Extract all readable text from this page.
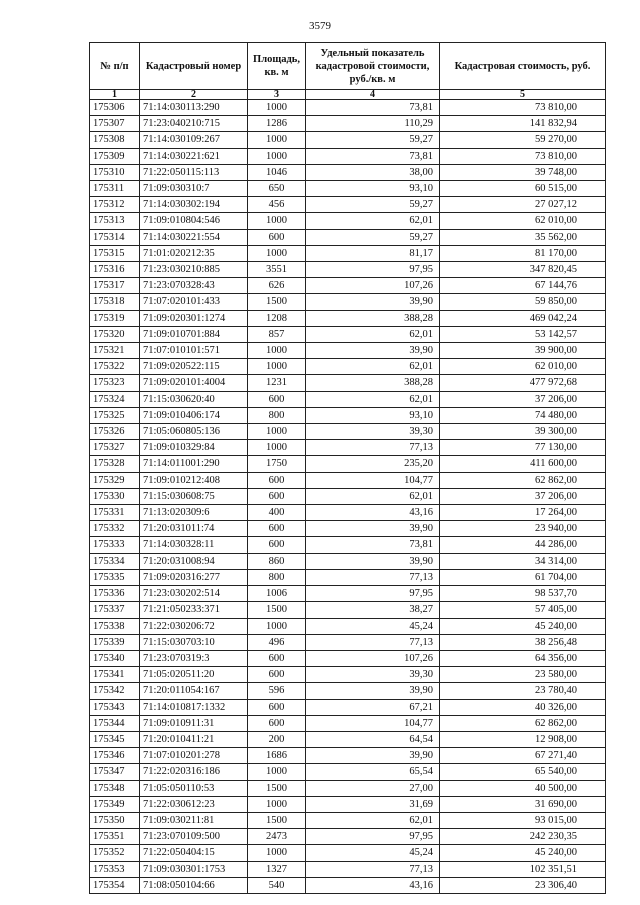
3579
№ п/п	Кадастровый номер	Площадь, кв. м	Удельный показатель кадастровой стоимости, руб./кв. м	Кадастровая стоимость, руб.
1	2	3	4	5
175306	71:14:030113:290	1000	73,81	73 810,00
175307	71:23:040210:715	1286	110,29	141 832,94
175308	71:14:030109:267	1000	59,27	59 270,00
175309	71:14:030221:621	1000	73,81	73 810,00
175310	71:22:050115:113	1046	38,00	39 748,00
175311	71:09:030310:7	650	93,10	60 515,00
175312	71:14:030302:194	456	59,27	27 027,12
175313	71:09:010804:546	1000	62,01	62 010,00
175314	71:14:030221:554	600	59,27	35 562,00
175315	71:01:020212:35	1000	81,17	81 170,00
175316	71:23:030210:885	3551	97,95	347 820,45
175317	71:23:070328:43	626	107,26	67 144,76
175318	71:07:020101:433	1500	39,90	59 850,00
175319	71:09:020301:1274	1208	388,28	469 042,24
175320	71:09:010701:884	857	62,01	53 142,57
175321	71:07:010101:571	1000	39,90	39 900,00
175322	71:09:020522:115	1000	62,01	62 010,00
175323	71:09:020101:4004	1231	388,28	477 972,68
175324	71:15:030620:40	600	62,01	37 206,00
175325	71:09:010406:174	800	93,10	74 480,00
175326	71:05:060805:136	1000	39,30	39 300,00
175327	71:09:010329:84	1000	77,13	77 130,00
175328	71:14:011001:290	1750	235,20	411 600,00
175329	71:09:010212:408	600	104,77	62 862,00
175330	71:15:030608:75	600	62,01	37 206,00
175331	71:13:020309:6	400	43,16	17 264,00
175332	71:20:031011:74	600	39,90	23 940,00
175333	71:14:030328:11	600	73,81	44 286,00
175334	71:20:031008:94	860	39,90	34 314,00
175335	71:09:020316:277	800	77,13	61 704,00
175336	71:23:030202:514	1006	97,95	98 537,70
175337	71:21:050233:371	1500	38,27	57 405,00
175338	71:22:030206:72	1000	45,24	45 240,00
175339	71:15:030703:10	496	77,13	38 256,48
175340	71:23:070319:3	600	107,26	64 356,00
175341	71:05:020511:20	600	39,30	23 580,00
175342	71:20:011054:167	596	39,90	23 780,40
175343	71:14:010817:1332	600	67,21	40 326,00
175344	71:09:010911:31	600	104,77	62 862,00
175345	71:20:010411:21	200	64,54	12 908,00
175346	71:07:010201:278	1686	39,90	67 271,40
175347	71:22:020316:186	1000	65,54	65 540,00
175348	71:05:050110:53	1500	27,00	40 500,00
175349	71:22:030612:23	1000	31,69	31 690,00
175350	71:09:030211:81	1500	62,01	93 015,00
175351	71:23:070109:500	2473	97,95	242 230,35
175352	71:22:050404:15	1000	45,24	45 240,00
175353	71:09:030301:1753	1327	77,13	102 351,51
175354	71:08:050104:66	540	43,16	23 306,40
